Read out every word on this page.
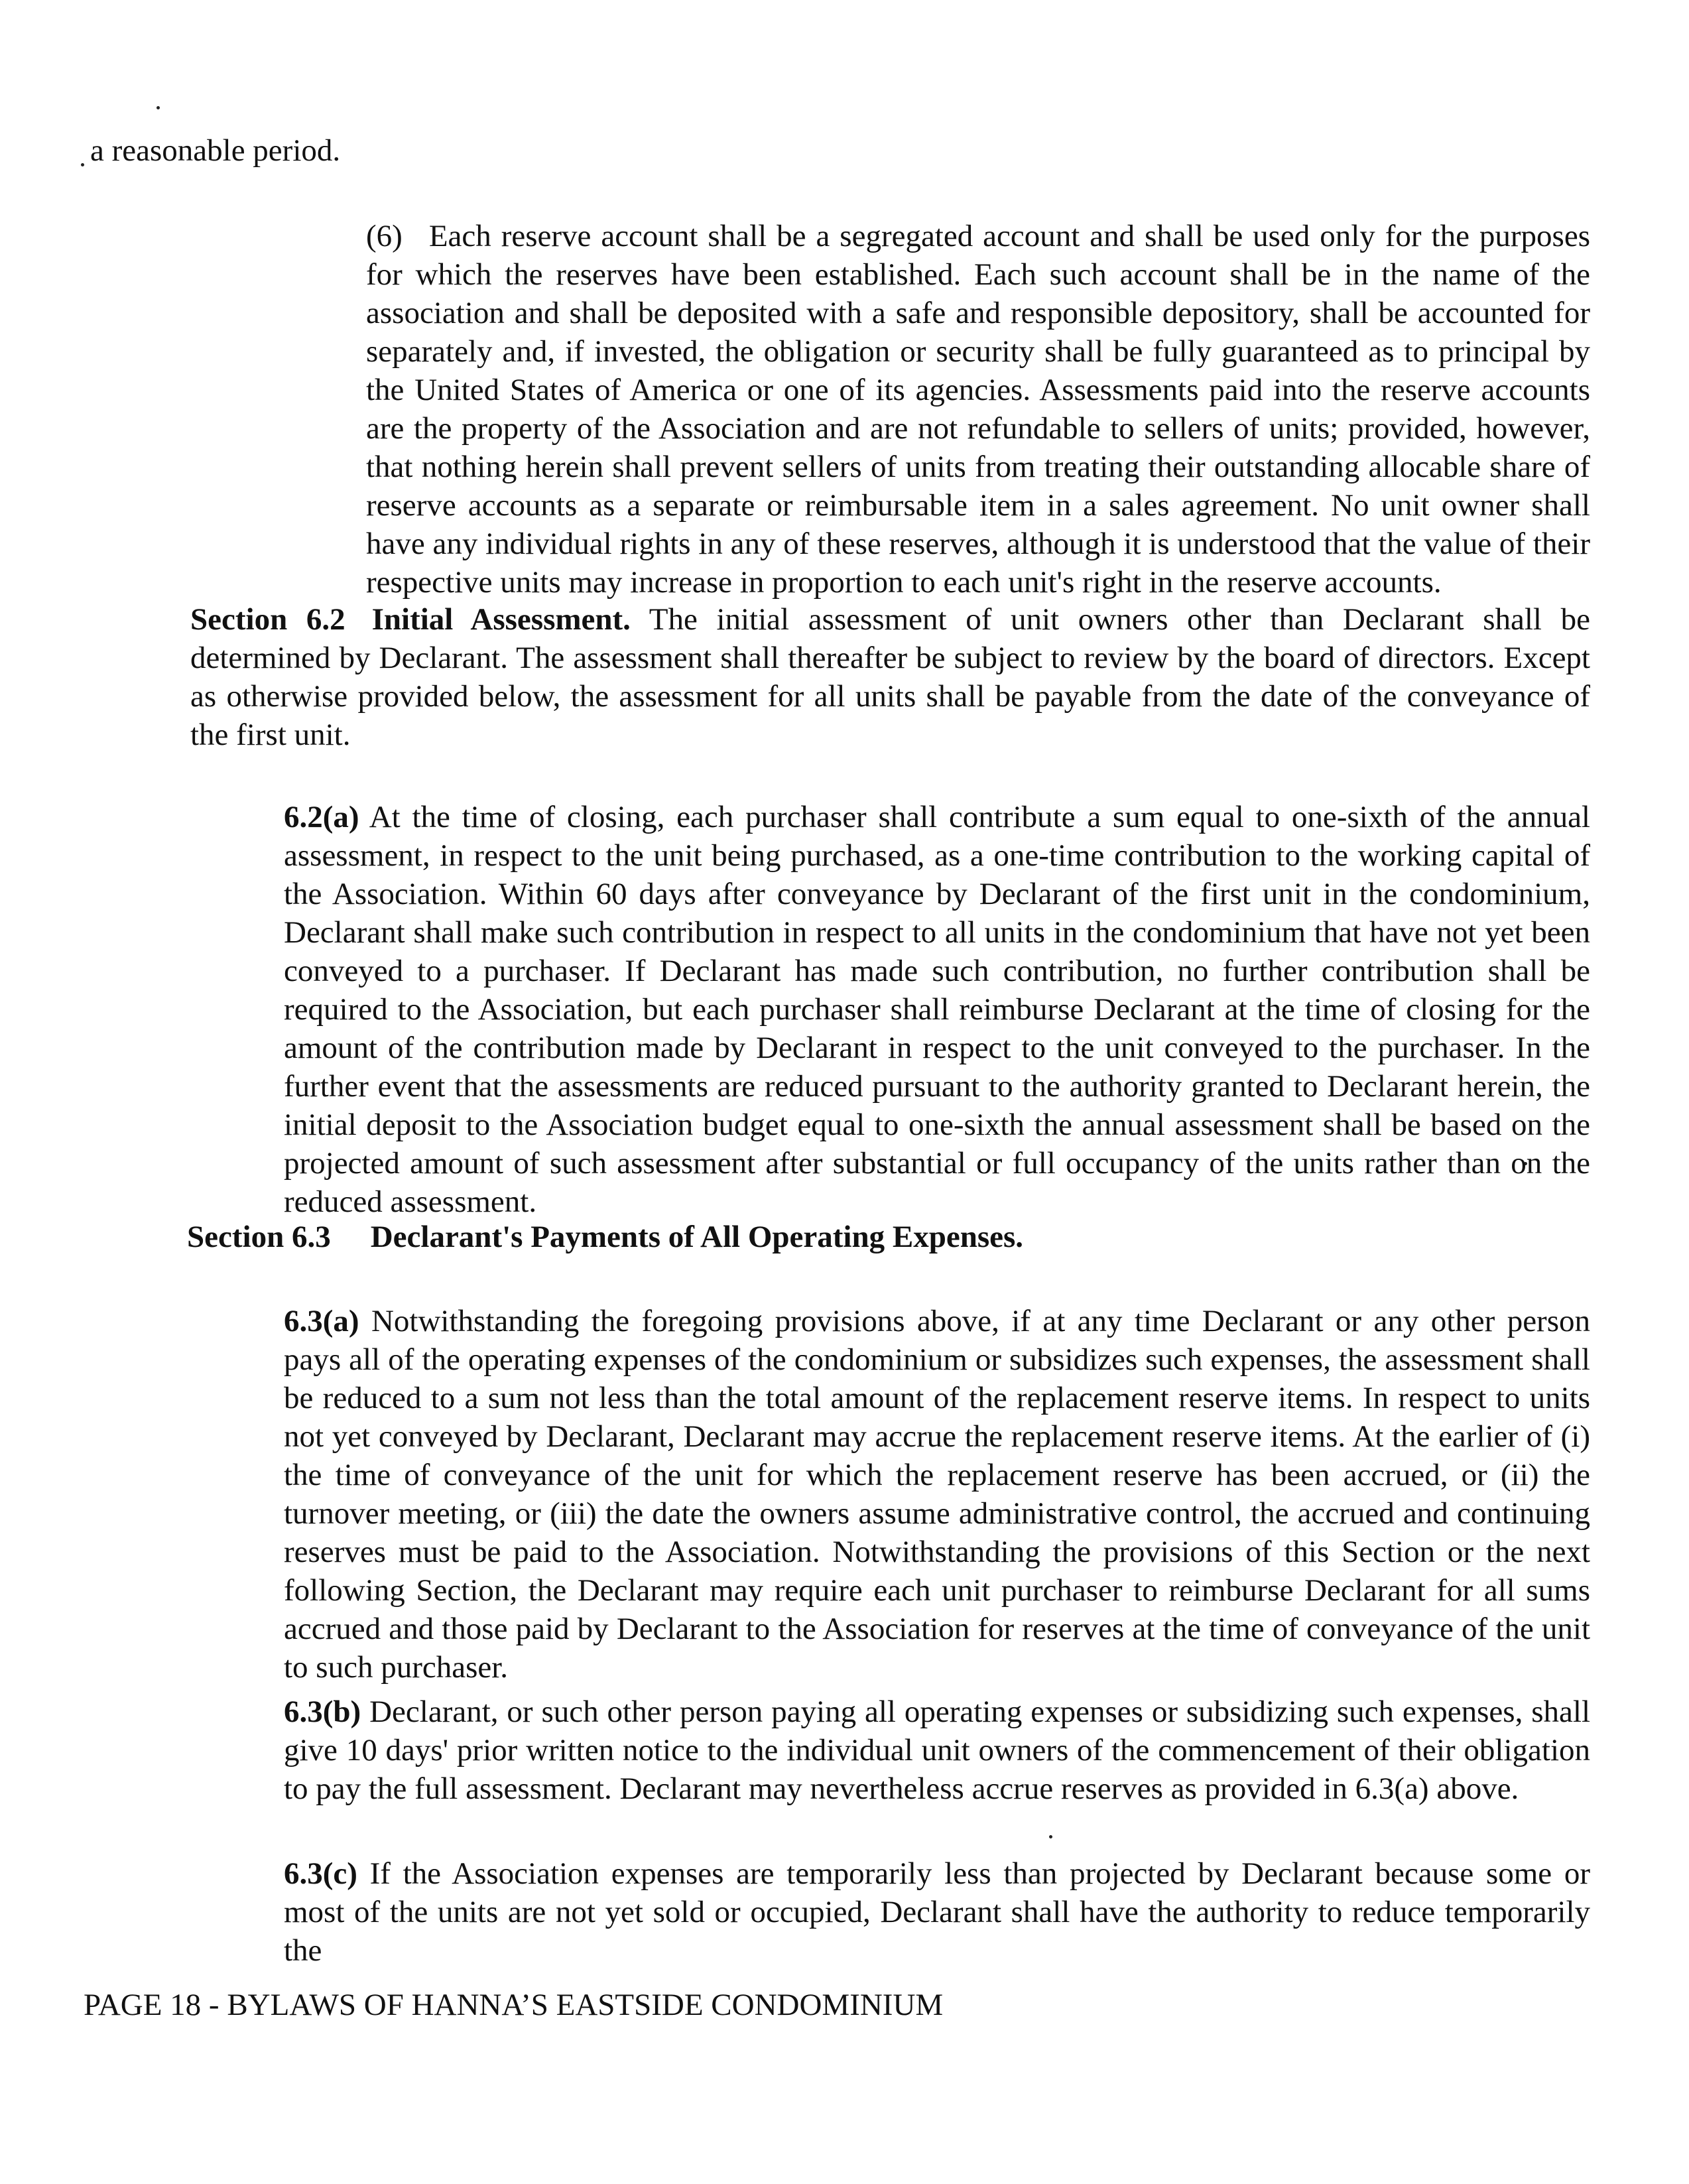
a reasonable period.

(6) Each reserve account shall be a segregated account and shall be used only for the purposes for which the reserves have been established. Each such account shall be in the name of the association and shall be deposited with a safe and responsible depository, shall be accounted for separately and, if invested, the obligation or security shall be fully guaranteed as to principal by the United States of America or one of its agencies. Assessments paid into the reserve accounts are the property of the Association and are not refundable to sellers of units; provided, however, that nothing herein shall prevent sellers of units from treating their outstanding allocable share of reserve accounts as a separate or reimbursable item in a sales agreement. No unit owner shall have any individual rights in any of these reserves, although it is understood that the value of their respective units may increase in proportion to each unit's right in the reserve accounts.

Section 6.2 Initial Assessment. The initial assessment of unit owners other than Declarant shall be determined by Declarant. The assessment shall thereafter be subject to review by the board of directors. Except as otherwise provided below, the assessment for all units shall be payable from the date of the conveyance of the first unit.

6.2(a) At the time of closing, each purchaser shall contribute a sum equal to one-sixth of the annual assessment, in respect to the unit being purchased, as a one-time contribution to the working capital of the Association. Within 60 days after conveyance by Declarant of the first unit in the condominium, Declarant shall make such contribution in respect to all units in the condominium that have not yet been conveyed to a purchaser. If Declarant has made such contribution, no further contribution shall be required to the Association, but each purchaser shall reimburse Declarant at the time of closing for the amount of the contribution made by Declarant in respect to the unit conveyed to the purchaser. In the further event that the assessments are reduced pursuant to the authority granted to Declarant herein, the initial deposit to the Association budget equal to one-sixth the annual assessment shall be based on the projected amount of such assessment after substantial or full occupancy of the units rather than on the reduced assessment.

Section 6.3 Declarant's Payments of All Operating Expenses.

6.3(a) Notwithstanding the foregoing provisions above, if at any time Declarant or any other person pays all of the operating expenses of the condominium or subsidizes such expenses, the assessment shall be reduced to a sum not less than the total amount of the replacement reserve items. In respect to units not yet conveyed by Declarant, Declarant may accrue the replacement reserve items. At the earlier of (i) the time of conveyance of the unit for which the replacement reserve has been accrued, or (ii) the turnover meeting, or (iii) the date the owners assume administrative control, the accrued and continuing reserves must be paid to the Association. Notwithstanding the provisions of this Section or the next following Section, the Declarant may require each unit purchaser to reimburse Declarant for all sums accrued and those paid by Declarant to the Association for reserves at the time of conveyance of the unit to such purchaser.

6.3(b) Declarant, or such other person paying all operating expenses or subsidizing such expenses, shall give 10 days' prior written notice to the individual unit owners of the commencement of their obligation to pay the full assessment. Declarant may nevertheless accrue reserves as provided in 6.3(a) above.

6.3(c) If the Association expenses are temporarily less than projected by Declarant because some or most of the units are not yet sold or occupied, Declarant shall have the authority to reduce temporarily the

PAGE 18 - BYLAWS OF HANNA’S EASTSIDE CONDOMINIUM
